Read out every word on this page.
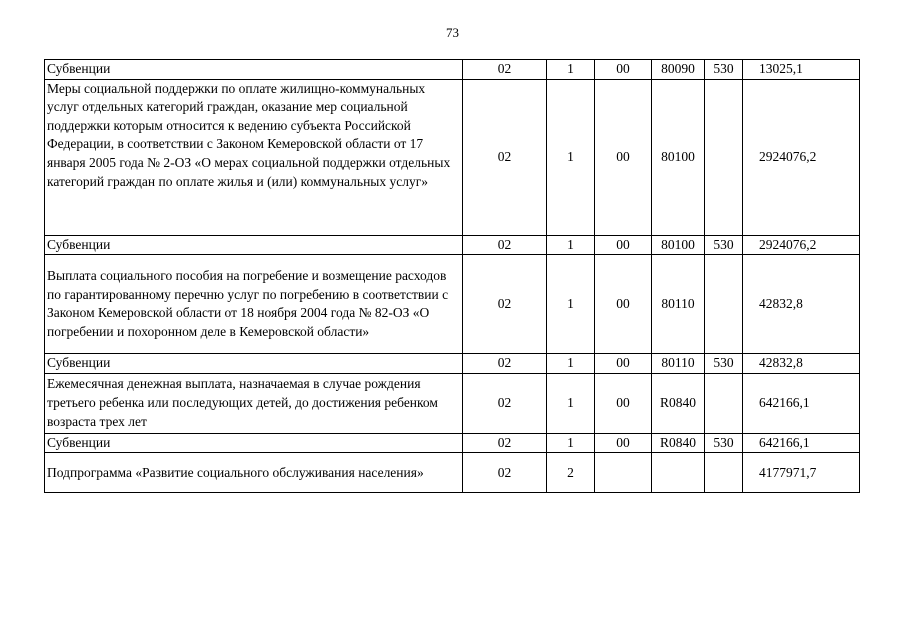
73
Субвенции	02	1	00	80090	530	13025,1
Меры социальной поддержки по оплате жилищно-коммунальных услуг отдельных категорий граждан, оказание мер социальной поддержки которым относится к ведению субъекта Российской Федерации, в соответствии с Законом Кемеровской области от 17 января 2005 года № 2-ОЗ «О мерах социальной поддержки отдельных категорий граждан по оплате жилья и (или) коммунальных услуг»	02	1	00	80100		2924076,2
Субвенции	02	1	00	80100	530	2924076,2
Выплата социального пособия на погребение и возмещение расходов по гарантированному перечню услуг по погребению в соответствии с Законом Кемеровской области от 18 ноября 2004 года № 82-ОЗ «О погребении и похоронном деле в Кемеровской области»	02	1	00	80110		42832,8
Субвенции	02	1	00	80110	530	42832,8
Ежемесячная денежная выплата, назначаемая в случае рождения третьего ребенка или последующих детей, до достижения ребенком возраста трех лет	02	1	00	R0840		642166,1
Субвенции	02	1	00	R0840	530	642166,1
Подпрограмма «Развитие социального обслуживания населения»	02	2				4177971,7
